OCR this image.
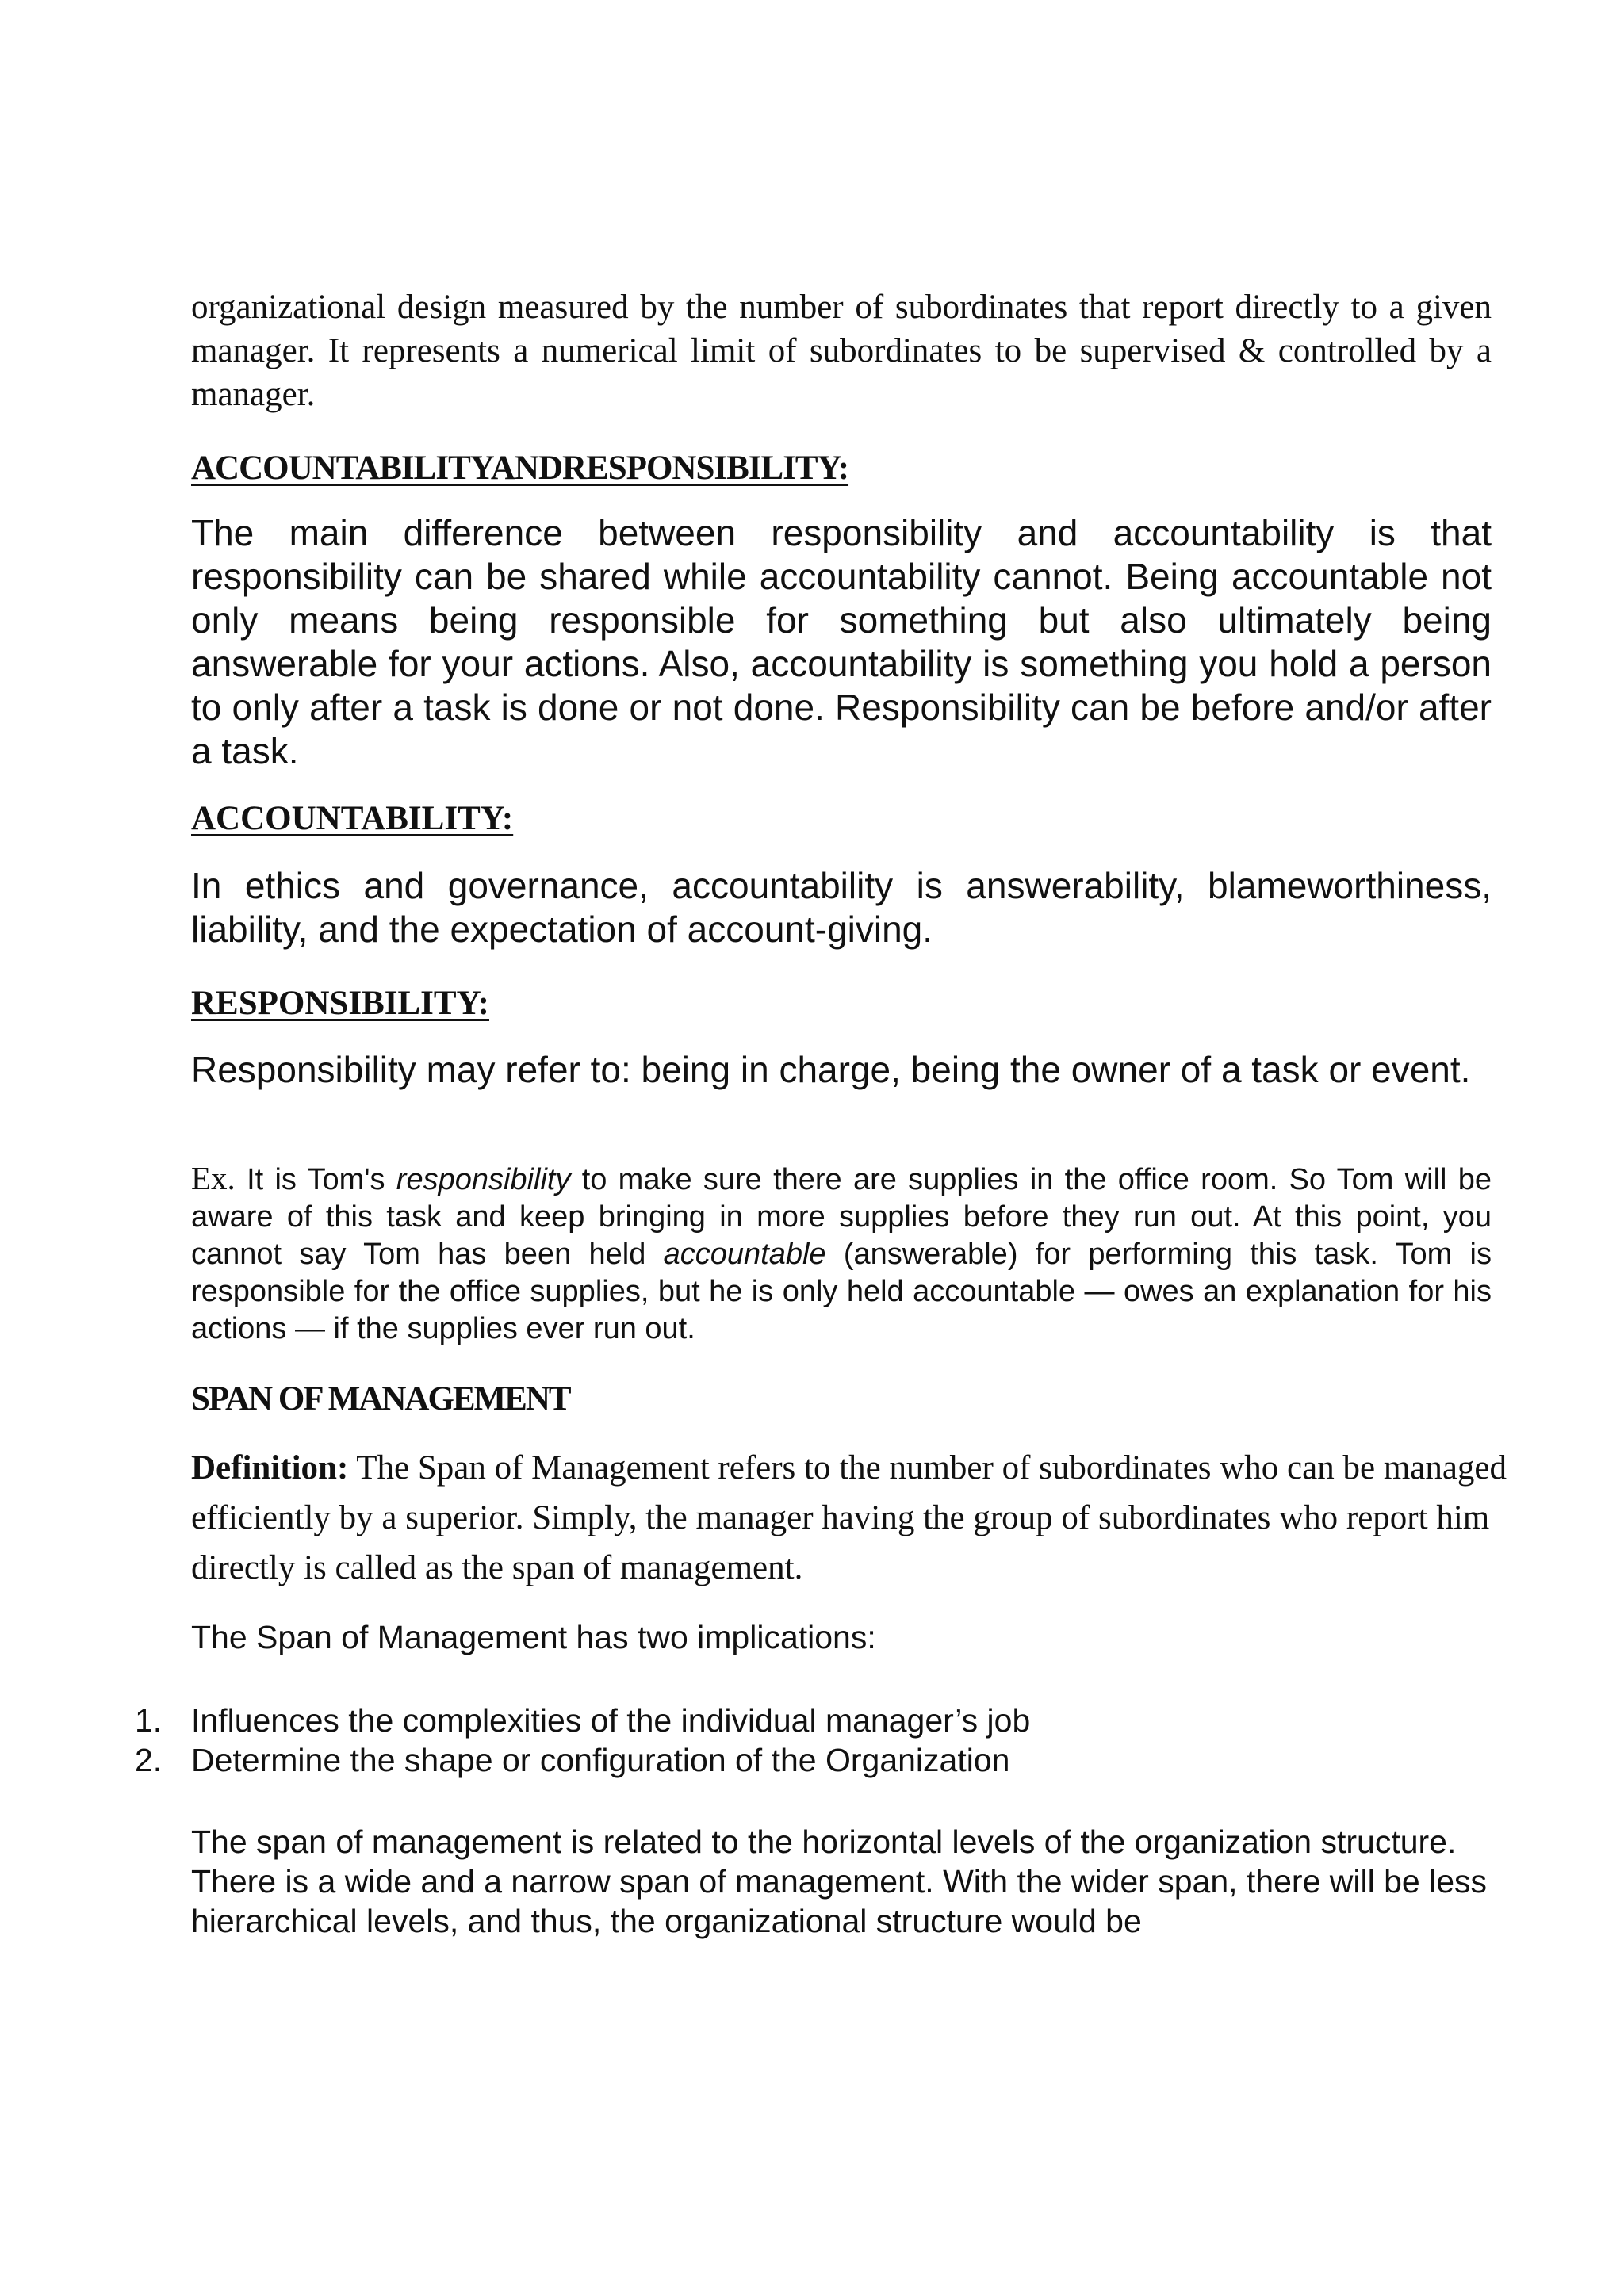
organizational design measured by the number of subordinates that report directly to a given manager. It represents a numerical limit of subordinates to be supervised & controlled by a manager.

ACCOUNTABILITYANDRESPONSIBILITY:

The main difference between responsibility and accountability is that responsibility can be shared while accountability cannot. Being accountable not only means being responsible for something but also ultimately being answerable for your actions. Also, accountability is something you hold a person to only after a task is done or not done. Responsibility can be before and/or after a task.

ACCOUNTABILITY:

In ethics and governance, accountability is answerability, blameworthiness, liability, and the expectation of account-giving.

RESPONSIBILITY:

Responsibility may refer to: being in charge, being the owner of a task or event.

Ex. It is Tom's responsibility to make sure there are supplies in the office room. So Tom will be aware of this task and keep bringing in more supplies before they run out. At this point, you cannot say Tom has been held accountable (answerable) for performing this task. Tom is responsible for the office supplies, but he is only held accountable — owes an explanation for his actions — if the supplies ever run out.

SPAN OF MANAGEMENT

Definition: The Span of Management refers to the number of subordinates who can be managed efficiently by a superior. Simply, the manager having the group of subordinates who report him directly is called as the span of management.

The Span of Management has two implications:

1. Influences the complexities of the individual manager’s job
2. Determine the shape or configuration of the Organization

The span of management is related to the horizontal levels of the organization structure. There is a wide and a narrow span of management. With the wider span, there will be less hierarchical levels, and thus, the organizational structure would be
